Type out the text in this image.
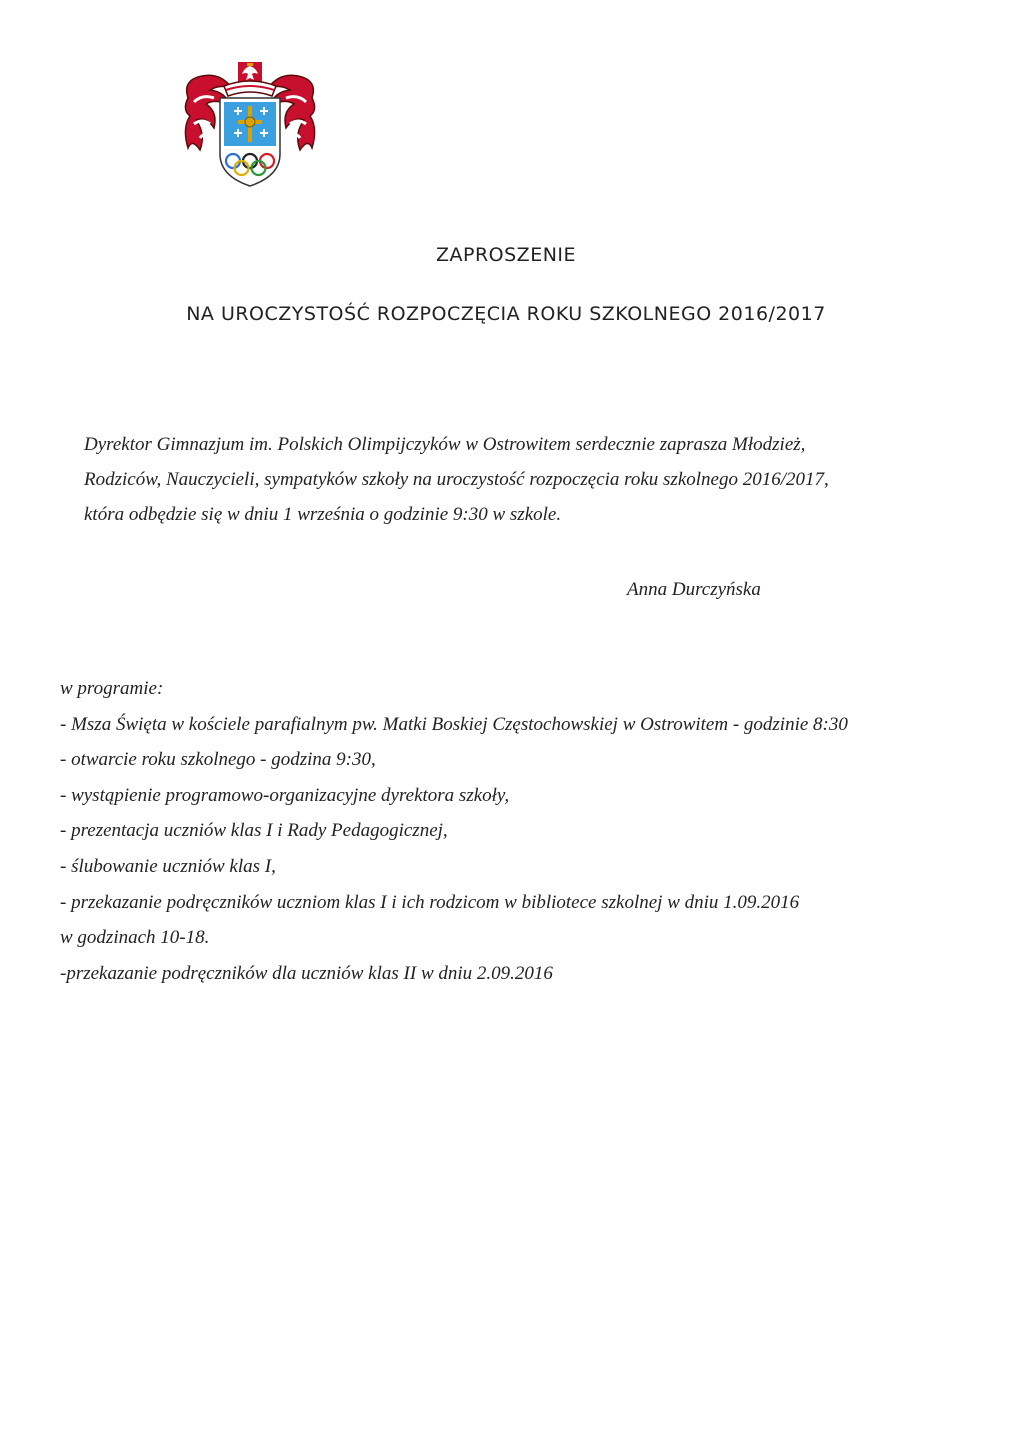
ZAPROSZENIE
NA UROCZYSTOŚĆ ROZPOCZĘCIA ROKU SZKOLNEGO 2016/2017
Dyrektor Gimnazjum im. Polskich Olimpijczyków w Ostrowitem serdecznie zaprasza Młodzież,
Rodziców, Nauczycieli, sympatyków szkoły na uroczystość rozpoczęcia roku szkolnego 2016/2017,
która odbędzie się w dniu 1 września o godzinie 9:30 w szkole.
Anna Durczyńska
w programie:
- Msza Święta w kościele parafialnym pw. Matki Boskiej Częstochowskiej w Ostrowitem - godzinie 8:30
- otwarcie roku szkolnego - godzina 9:30,
- wystąpienie programowo-organizacyjne dyrektora szkoły,
- prezentacja uczniów klas I i Rady Pedagogicznej,
- ślubowanie uczniów klas I,
- przekazanie podręczników uczniom klas I i ich rodzicom w bibliotece szkolnej w dniu 1.09.2016
w godzinach 10-18.
-przekazanie podręczników dla uczniów klas II w dniu 2.09.2016
